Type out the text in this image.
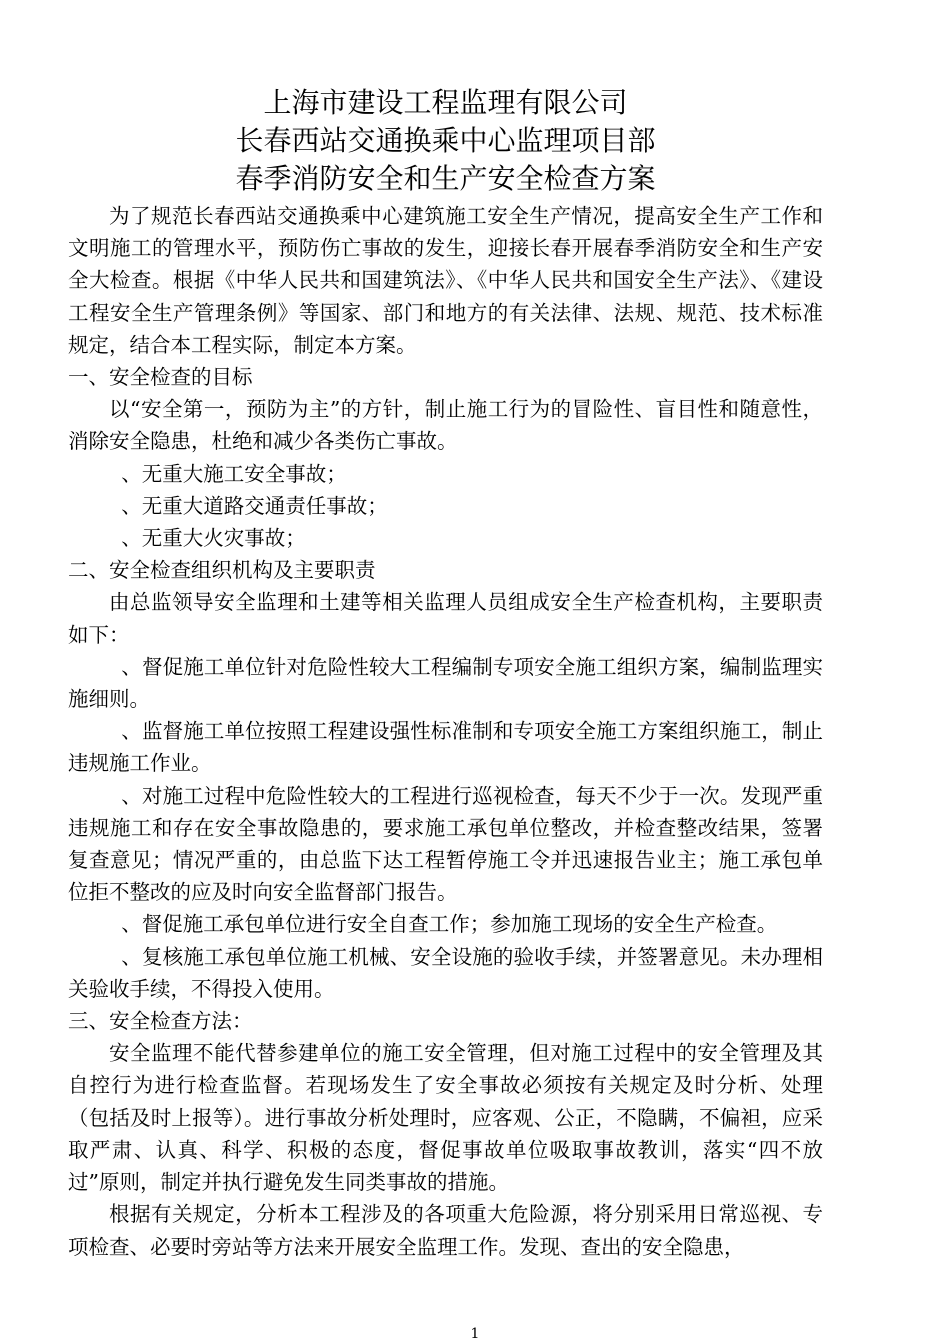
上海市建设工程监理有限公司
长春西站交通换乘中心监理项目部
春季消防安全和生产安全检查方案

为了规范长春西站交通换乘中心建筑施工安全生产情况，提高安全生产工作和文明施工的管理水平，预防伤亡事故的发生，迎接长春开展春季消防安全和生产安全大检查。根据《中华人民共和国建筑法》、《中华人民共和国安全生产法》、《建设工程安全生产管理条例》等国家、部门和地方的有关法律、法规、规范、技术标准规定，结合本工程实际，制定本方案。

一、安全检查的目标

以“安全第一，预防为主”的方针，制止施工行为的冒险性、盲目性和随意性，消除安全隐患，杜绝和减少各类伤亡事故。

、无重大施工安全事故；

、无重大道路交通责任事故；

、无重大火灾事故；

二、安全检查组织机构及主要职责

由总监领导安全监理和土建等相关监理人员组成安全生产检查机构，主要职责如下：

、督促施工单位针对危险性较大工程编制专项安全施工组织方案，编制监理实施细则。

、监督施工单位按照工程建设强性标准制和专项安全施工方案组织施工，制止违规施工作业。

、对施工过程中危险性较大的工程进行巡视检查，每天不少于一次。发现严重违规施工和存在安全事故隐患的，要求施工承包单位整改，并检查整改结果，签署复查意见；情况严重的，由总监下达工程暂停施工令并迅速报告业主；施工承包单位拒不整改的应及时向安全监督部门报告。

、督促施工承包单位进行安全自查工作；参加施工现场的安全生产检查。

、复核施工承包单位施工机械、安全设施的验收手续，并签署意见。未办理相关验收手续，不得投入使用。

三、安全检查方法：

安全监理不能代替参建单位的施工安全管理，但对施工过程中的安全管理及其自控行为进行检查监督。若现场发生了安全事故必须按有关规定及时分析、处理（包括及时上报等）。进行事故分析处理时，应客观、公正，不隐瞒，不偏袒，应采取严肃、认真、科学、积极的态度，督促事故单位吸取事故教训，落实“四不放过”原则，制定并执行避免发生同类事故的措施。

根据有关规定，分析本工程涉及的各项重大危险源，将分别采用日常巡视、专项检查、必要时旁站等方法来开展安全监理工作。发现、查出的安全隐患，

1
